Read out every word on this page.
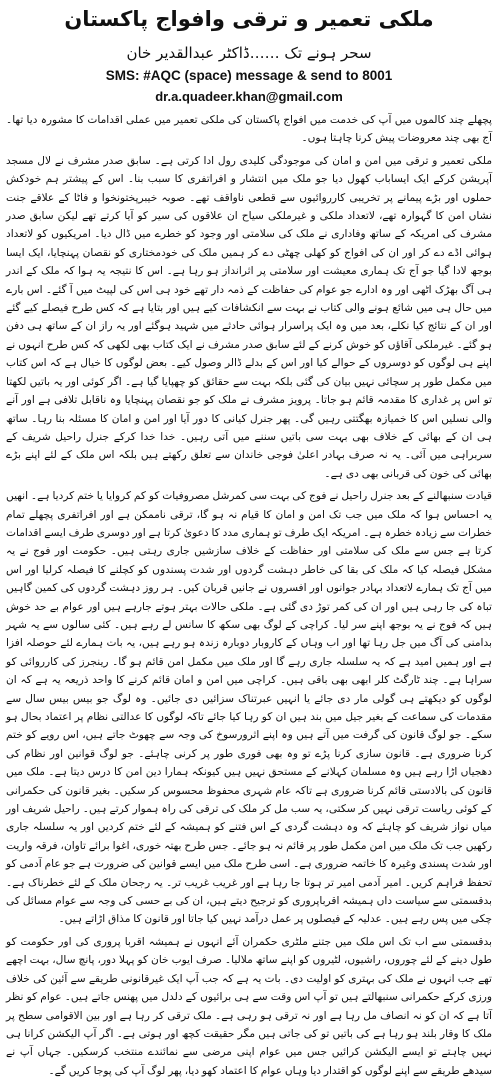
ملکی تعمیر و ترقی وافواج پاکستان
سحر ہونے تک ……ڈاکٹر عبدالقدیر خان
SMS: #AQC (space) message & send to 8001
dr.a.quadeer.khan@gmail.com

پچھلے چند کالموں میں آپ کی خدمت میں افواج پاکستان کی ملکی تعمیر میں عملی اقدامات کا مشورہ دیا تھا۔ آج بھی چند معروضات پیش کرنا چاہتا ہوں۔

ملکی تعمیر و ترقی میں امن و امان کی موجودگی کلیدی رول ادا کرتی ہے۔ سابق صدر مشرف نے لال مسجد آپریشن کرکے ایک ایساباب کھول دیا جو ملک میں انتشار و افراتفری کا سبب بنا۔ اس کے پیشتر ہم خودکش حملوں اور بڑے پیمانے پر تخریبی کارروائیوں سے قطعی ناواقف تھے۔ صوبہ خیبرپختونخوا و فاٹا کے علاقے جنت نشاں امن کا گہوارہ تھے، لاتعداد ملکی و غیرملکی سیاح ان علاقوں کی سیر کو آیا کرتے تھے لیکن سابق صدر مشرف کی امریکہ کے ساتھ وفاداری نے ملک کی سلامتی اور وجود کو خطرے میں ڈال دیا۔ امریکیوں کو لاتعداد ہوائی اڈے دے کر اور ان کی افواج کو کھلی چھٹی دے کر ہمیں ملک کی خودمختاری کو نقصان پہنچایا، ایک ایسا بوجھ لادا گیا جو آج تک ہماری معیشت اور سلامتی پر اثرانداز ہو رہا ہے۔ اس کا نتیجہ یہ ہوا کہ ملک کے اندر ہی آگ بھڑک اٹھی اور وہ ادارے جو عوام کی حفاظت کے ذمہ دار تھے خود ہی اس کی لپیٹ میں آ گئے۔ اس بارے میں حال ہی میں شائع ہونے والی کتاب نے بہت سے انکشافات کیے ہیں اور بتایا ہے کہ کس طرح فیصلے کیے گئے اور ان کے نتائج کیا نکلے، بعد میں وہ ایک پراسرار ہوائی حادثے میں شہید ہوگئے اور یہ راز ان کے ساتھ ہی دفن ہو گئے۔ غیرملکی آقاؤں کو خوش کرنے کے لئے سابق صدر مشرف نے ایک کتاب بھی لکھی کہ کس طرح انہوں نے اپنے ہی لوگوں کو دوسروں کے حوالے کیا اور اس کے بدلے ڈالر وصول کیے۔ بعض لوگوں کا خیال ہے کہ اس کتاب میں مکمل طور پر سچائی نہیں بیان کی گئی بلکہ بہت سے حقائق کو چھپایا گیا ہے۔ اگر کوئی اور یہ باتیں لکھتا تو اس پر غداری کا مقدمہ قائم ہو جاتا۔ پرویز مشرف نے ملک کو جو نقصان پہنچایا وہ ناقابل تلافی ہے اور آنے والی نسلیں اس کا خمیازہ بھگتتی رہیں گی۔ پھر جنرل کیانی کا دور آیا اور امن و امان کا مسئلہ بنا رہا۔ ساتھ ہی ان کے بھائی کے خلاف بھی بہت سی باتیں سننے میں آتی رہیں۔ خدا خدا کرکے جنرل راحیل شریف کے سربراہی میں آئی۔ یہ نہ صرف بہادر اعلیٰ فوجی خاندان سے تعلق رکھتے ہیں بلکہ اس ملک کے لئے اپنے بڑے بھائی کی خون کی قربانی بھی دی ہے۔

قیادت سنبھالنے کے بعد جنرل راحیل نے فوج کی بہت سی کمرشل مصروفیات کو کم کروایا یا ختم کردیا ہے۔ انھیں یہ احساس ہوا کہ ملک میں جب تک امن و امان کا قیام نہ ہو گا، ترقی ناممکن ہے اور افراتفری پچھلے تمام خطرات سے زیادہ خطرہ ہے۔ امریکہ ایک طرف تو ہماری مدد کا دعویٰ کرتا ہے اور دوسری طرف ایسے اقدامات کرتا ہے جس سے ملک کی سلامتی اور حفاظت کے خلاف سازشیں جاری رہتی ہیں۔ حکومت اور فوج نے یہ مشکل فیصلہ کیا کہ ملک کی بقا کی خاطر دہشت گردوں اور شدت پسندوں کو کچلنے کا فیصلہ کرلیا اور اس میں آج تک ہمارے لاتعداد بہادر جوانوں اور افسروں نے جانیں قربان کیں۔ ہر روز دہشت گردوں کی کمین گاہیں تباہ کی جا رہی ہیں اور ان کی کمر توڑ دی گئی ہے۔ ملکی حالات بہتر ہوتے جارہے ہیں اور عوام بے حد خوش ہیں کہ فوج نے یہ بوجھ اپنے سر لیا۔ کراچی کے لوگ بھی سکھ کا سانس لے رہے ہیں۔ کئی سالوں سے یہ شہر بدامنی کی آگ میں جل رہا تھا اور اب وہاں کے کاروبار دوبارہ زندہ ہو رہے ہیں، یہ بات ہمارے لئے حوصلہ افزا ہے اور ہمیں امید ہے کہ یہ سلسلہ جاری رہے گا اور ملک میں مکمل امن قائم ہو گا۔ رینجرز کی کارروائی کو سراہا ہے۔ چند ٹارگٹ کلر ابھی بھی باقی ہیں۔ کراچی میں امن و امان قائم کرنے کا واحد ذریعہ یہ ہے کہ ان لوگوں کو دیکھتے ہی گولی مار دی جائے یا انہیں عبرتناک سزائیں دی جائیں۔ وہ لوگ جو بیس بیس سال سے مقدمات کی سماعت کے بغیر جیل میں بند ہیں ان کو رہا کیا جائے تاکہ لوگوں کا عدالتی نظام پر اعتماد بحال ہو سکے۔ جو لوگ قانون کی گرفت میں آتے ہیں وہ اپنے اثرورسوخ کی وجہ سے چھوٹ جاتے ہیں، اس رویے کو ختم کرنا ضروری ہے۔ قانون سازی کرنا پڑے تو وہ بھی فوری طور پر کرنی چاہئے۔ جو لوگ قوانین اور نظام کی دھجیاں اڑا رہے ہیں وہ مسلمان کہلانے کے مستحق نہیں ہیں کیونکہ ہمارا دین امن کا درس دیتا ہے۔ ملک میں قانون کی بالادستی قائم کرنا ضروری ہے تاکہ عام شہری محفوظ محسوس کر سکیں۔ بغیر قانون کی حکمرانی کے کوئی ریاست ترقی نہیں کر سکتی، یہ سب مل کر ملک کی ترقی کی راہ ہموار کرتے ہیں۔ راحیل شریف اور میاں نواز شریف کو چاہئے کہ وہ دہشت گردی کے اس فتنے کو ہمیشہ کے لئے ختم کردیں اور یہ سلسلہ جاری رکھیں جب تک ملک میں امن مکمل طور پر قائم نہ ہو جائے۔ جس طرح بھتہ خوری، اغوا برائے تاوان، فرقہ واریت اور شدت پسندی وغیرہ کا خاتمہ ضروری ہے۔ اسی طرح ملک میں ایسے قوانین کی ضرورت ہے جو عام آدمی کو تحفظ فراہم کریں۔ امیر آدمی امیر تر ہوتا جا رہا ہے اور غریب غریب تر۔ یہ رجحان ملک کے لئے خطرناک ہے۔ بدقسمتی سے سیاست داں ہمیشہ اقرباپروری کو ترجیح دیتے ہیں، ان کی بے حسی کی وجہ سے عوام مسائل کی چکی میں پس رہے ہیں۔ عدلیہ کے فیصلوں پر عمل درآمد نہیں کیا جاتا اور قانون کا مذاق اڑاتے ہیں۔

بدقسمتی سے اب تک اس ملک میں جتنے ملٹری حکمران آئے انہوں نے ہمیشہ اقربا پروری کی اور حکومت کو طول دینے کے لئے چوروں، راشیوں، لٹیروں کو اپنے ساتھ ملالیا۔ صرف ایوب خان کو پہلا دور، پانچ سال، بہت اچھے تھے جب انہوں نے ملک کی بہتری کو اولیت دی۔ بات یہ ہے کہ جب آپ ایک غیرقانونی طریقے سے آئین کی خلاف ورزی کرکے حکمرانی سنبھالتے ہیں تو آپ اس وقت سے ہی برائیوں کے دلدل میں پھنس جاتے ہیں۔ عوام کو نظر آتا ہے کہ ان کو نہ انصاف مل رہا ہے اور نہ ترقی ہو رہی ہے۔ ملک ترقی کر رہا ہے اور بین الاقوامی سطح پر ملک کا وقار بلند ہو رہا ہے کی باتیں تو کی جاتی ہیں مگر حقیقت کچھ اور ہوتی ہے۔ اگر آپ الیکشن کرانا ہی نہیں چاہتے تو ایسے الیکشن کرائیں جس میں عوام اپنی مرضی سے نمائندے منتخب کرسکیں۔ جہاں آپ نے سیدھے طریقے سے اپنے لوگوں کو اقتدار دیا وہاں عوام کا اعتماد کھو دیا، پھر لوگ آپ کی پوجا کریں گے۔
